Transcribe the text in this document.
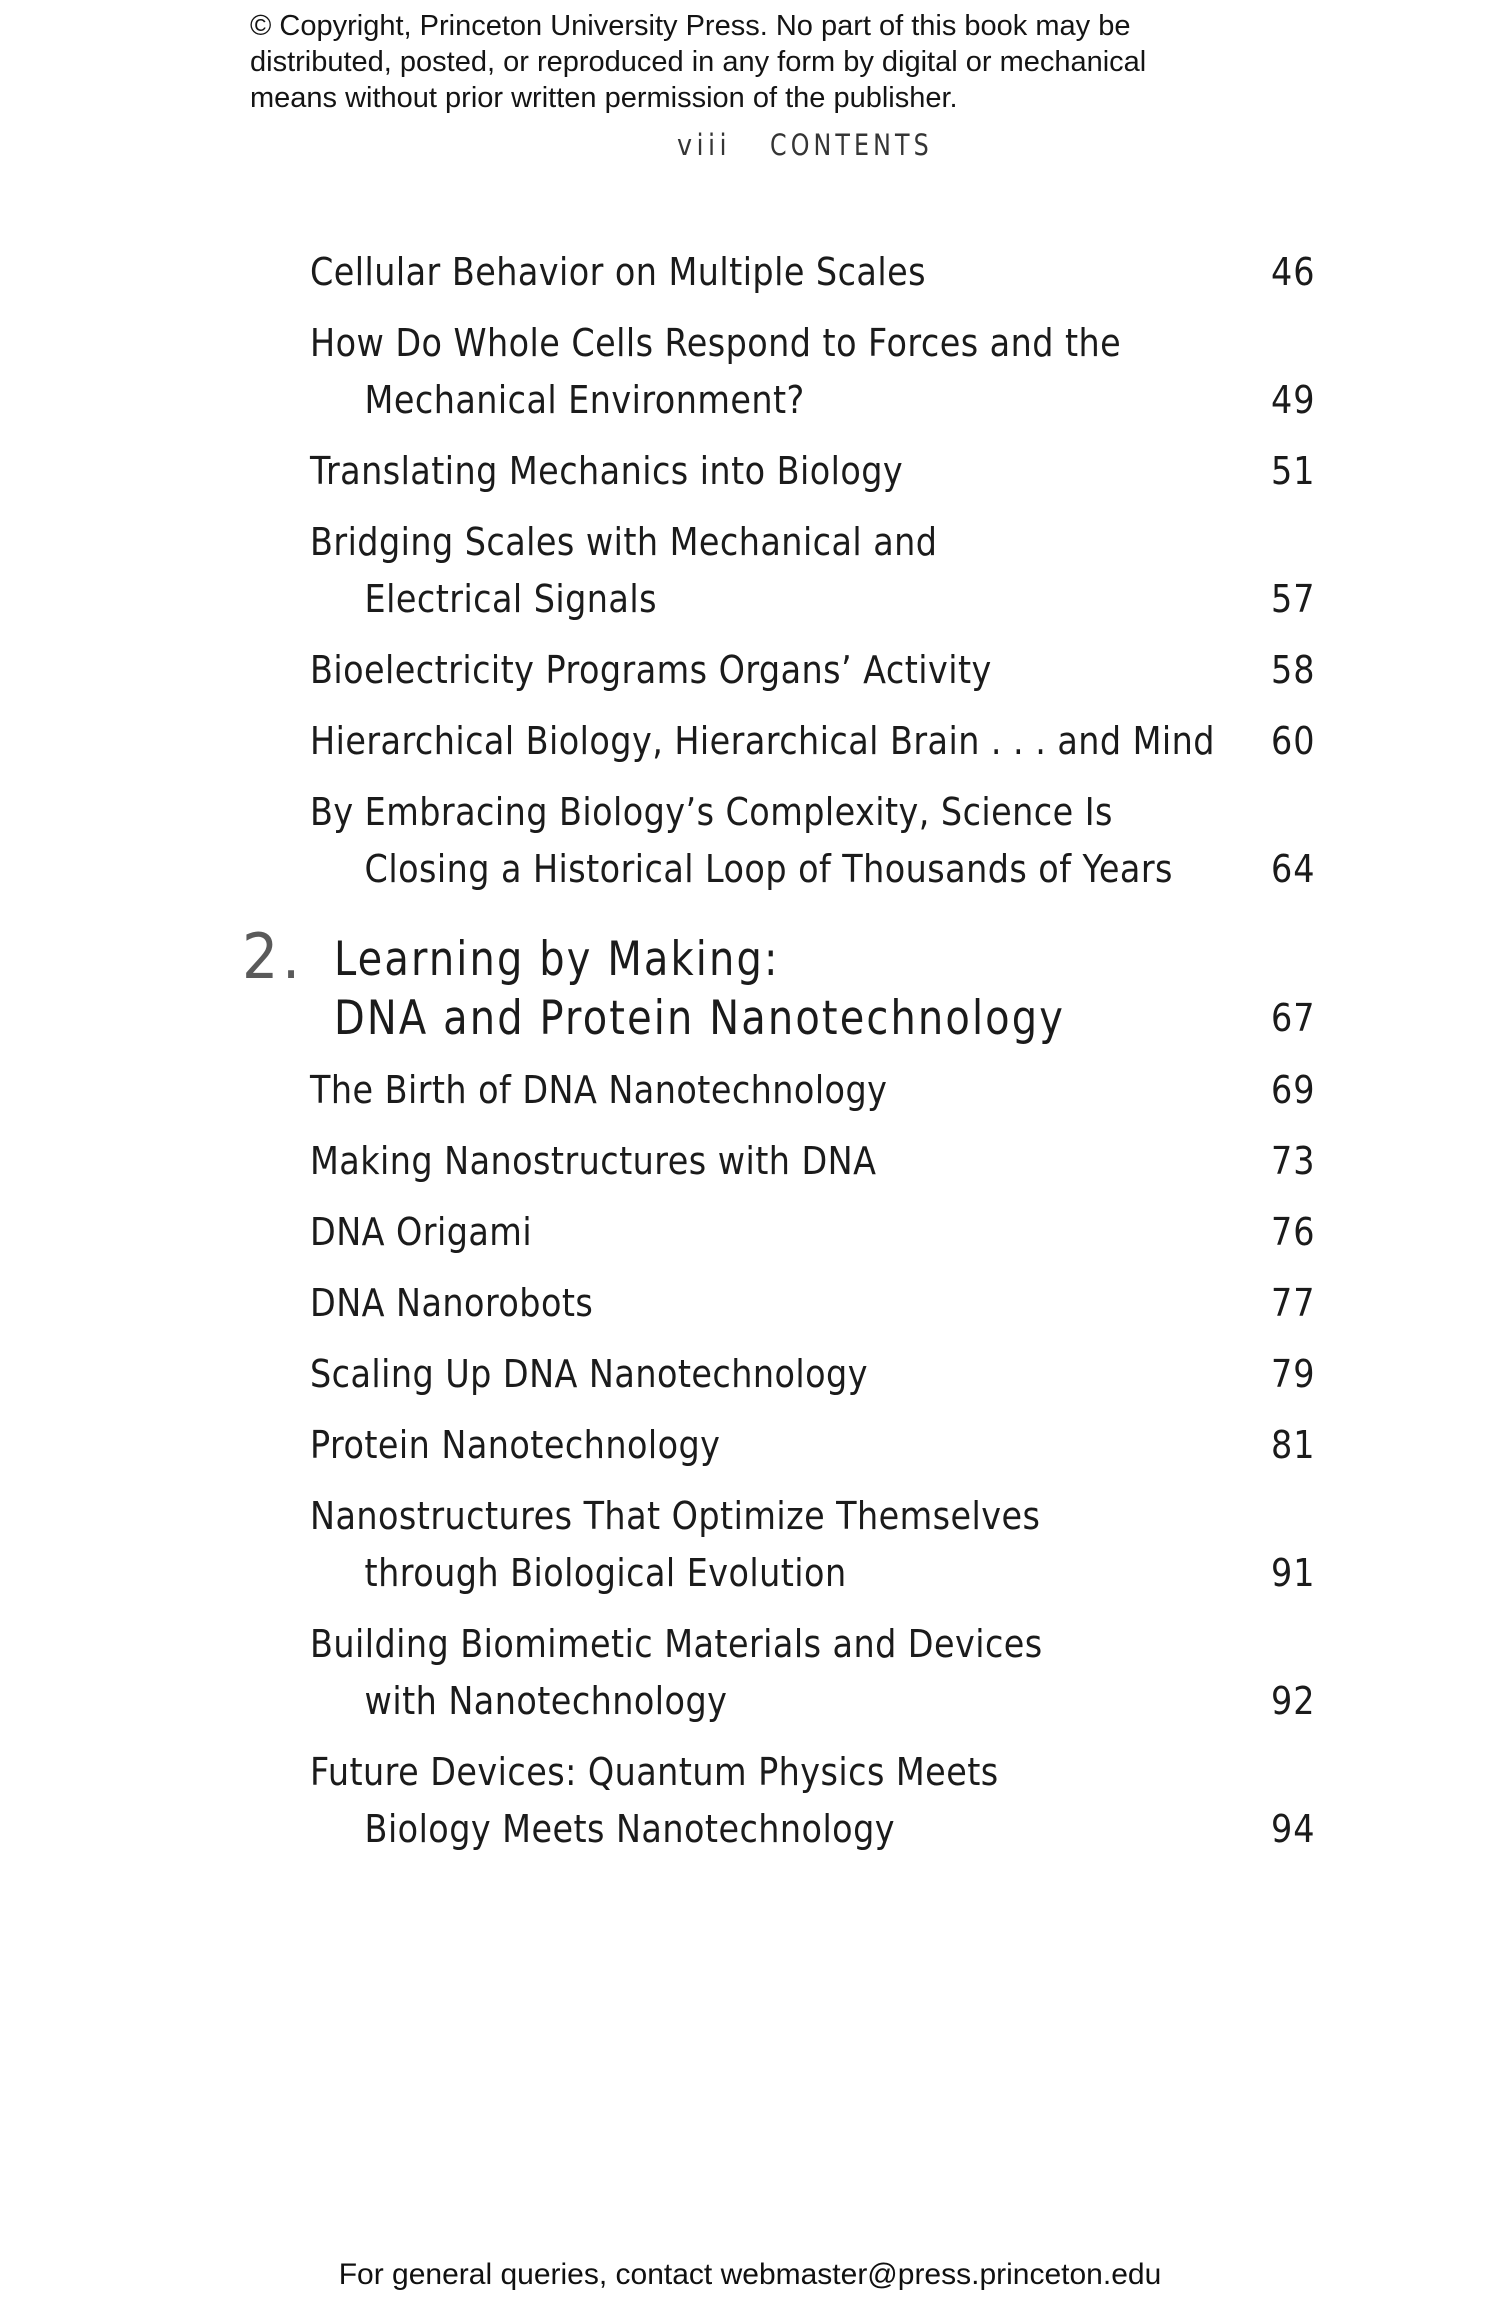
© Copyright, Princeton University Press. No part of this book may be
distributed, posted, or reproduced in any form by digital or mechanical
means without prior written permission of the publisher.
viii CONTENTS
Cellular Behavior on Multiple Scales	46
How Do Whole Cells Respond to Forces and the
Mechanical Environment?	49
Translating Mechanics into Biology	51
Bridging Scales with Mechanical and
Electrical Signals	57
Bioelectricity Programs Organs’ Activity	58
Hierarchical Biology, Hierarchical Brain . . . and Mind 60
By Embracing Biology’s Complexity, Science Is
Closing a Historical Loop of Thousands of Years	64
2. Learning by Making:
DNA and Protein Nanotechnology	67
The Birth of DNA Nanotechnology	69
Making Nanostructures with DNA	73
DNA Origami	76
DNA Nanorobots	77
Scaling Up DNA Nanotechnology	79
Protein Nanotechnology	81
Nanostructures That Optimize Themselves
through Biological Evolution	91
Building Biomimetic Materials and Devices
with Nanotechnology	92
Future Devices: Quantum Physics Meets
Biology Meets Nanotechnology	94
For general queries, contact webmaster@press.princeton.edu
